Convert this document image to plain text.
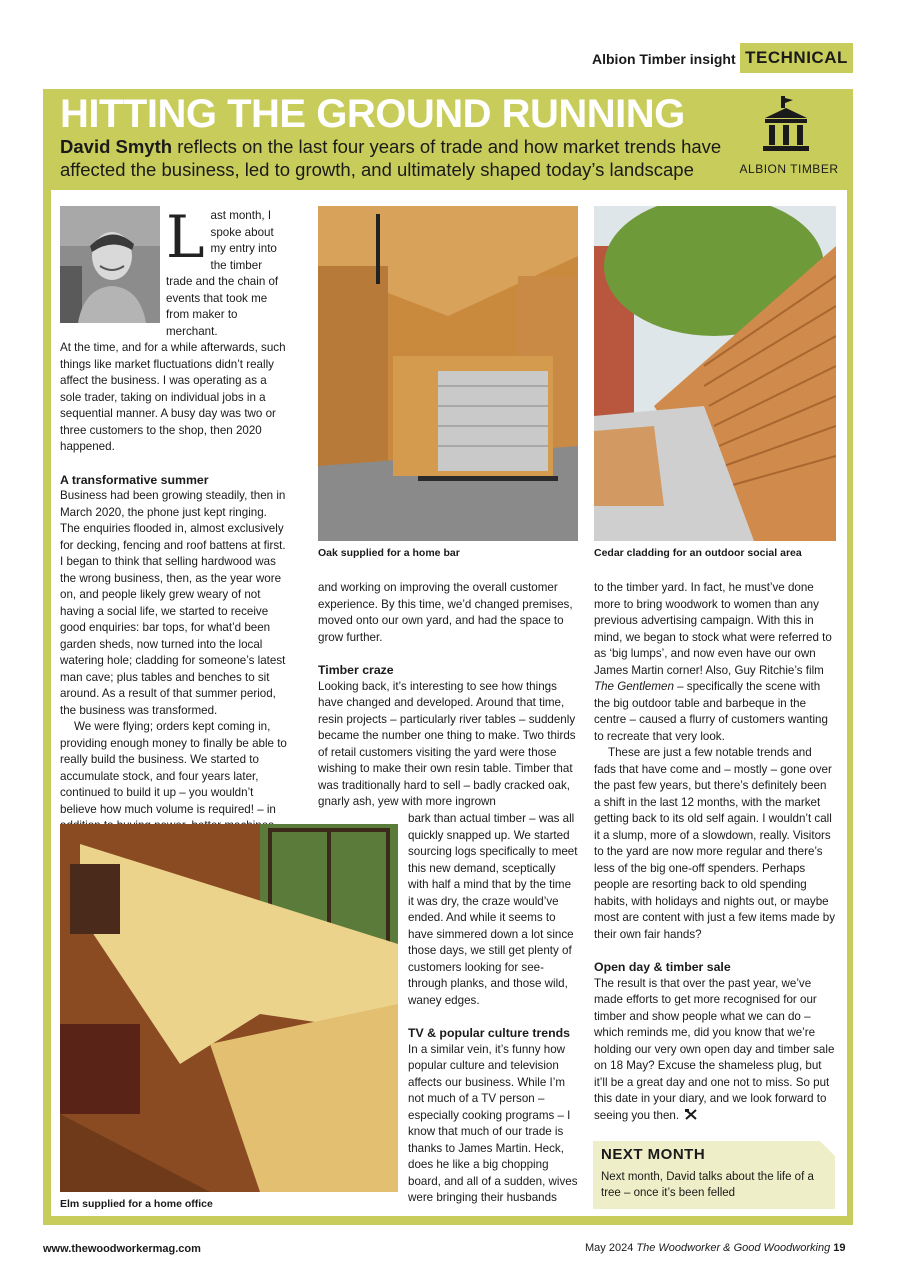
Albion Timber insight TECHNICAL
HITTING THE GROUND RUNNING
David Smyth reflects on the last four years of trade and how market trends have affected the business, led to growth, and ultimately shaped today’s landscape	ALBION TIMBER

Last month, I spoke about my entry into the timber trade and the chain of events that took me from maker to merchant.

At the time, and for a while afterwards, such things like market fluctuations didn’t really affect the business. I was operating as a sole trader, taking on individual jobs in a sequential manner. A busy day was two or three customers to the shop, then 2020 happened.

A transformative summer

Business had been growing steadily, then in March 2020, the phone just kept ringing. The enquiries flooded in, almost exclusively for decking, fencing and roof battens at first. I began to think that selling hardwood was the wrong business, then, as the year wore on, and people likely grew weary of not having a social life, we started to receive good enquiries: bar tops, for what’d been garden sheds, now turned into the local watering hole; cladding for someone’s latest man cave; plus tables and benches to sit around. As a result of that summer period, the business was transformed.

We were flying; orders kept coming in, providing enough money to finally be able to really build the business. We started to accumulate stock, and four years later, continued to build it up – you wouldn’t believe how much volume is required! – in

Oak supplied for a home bar	Cedar cladding for an outdoor social area
Elm supplied for a home office

and working on improving the overall customer experience. By this time, we’d changed premises, moved onto our own yard, and had the space to grow further.

Timber craze

Looking back, it’s interesting to see how things have changed and developed. Around that time, resin projects – particularly river tables – suddenly became the number one thing to make. Two thirds of retail customers visiting the yard were those wishing to make their own resin table. Timber that was traditionally hard to sell – badly cracked oak, gnarly ash, yew with more ingrown

bark than actual timber – was all quickly snapped up. We started sourcing logs specifically to meet this new demand, sceptically with half a mind that by the time it was dry, the craze would’ve ended. And while it seems to have simmered down a lot since those days, we still get plenty of customers looking for see-through planks, and those wild, waney edges.

TV & popular culture trends

In a similar vein, it’s funny how popular culture and television affects our business. While I’m not much of a TV person – especially cooking programs – I know that much of our trade is thanks to James Martin. Heck, does he like a big chopping board, and all of a sudden, wives were bringing their husbands

to the timber yard. In fact, he must’ve done more to bring woodwork to women than any previous advertising campaign. With this in mind, we began to stock what were referred to as ‘big lumps’, and now even have our own James Martin corner! Also, Guy Ritchie’s film The Gentlemen – specifically the scene with the big outdoor table and barbeque in the centre – caused a flurry of customers wanting to recreate that very look.

These are just a few notable trends and fads that have come and – mostly – gone over the past few years, but there’s definitely been a shift in the last 12 months, with the market getting back to its old self again. I wouldn’t call it a slump, more of a slowdown, really. Visitors to the yard are now more regular and there’s less of the big one-off spenders. Perhaps people are resorting back to old spending habits, with holidays and nights out, or maybe most are content with just a few items made by their own fair hands?

Open day & timber sale

The result is that over the past year, we’ve made efforts to get more recognised for our timber and show people what we can do – which reminds me, did you know that we’re holding our very own open day and timber sale on 18 May? Excuse the shameless plug, but it’ll be a great day and one not to miss. So put this date in your diary, and we look forward to seeing you then.

NEXT MONTH
Next month, David talks about the life of a tree – once it’s been felled
www.thewoodworkermag.com	May 2024 The Woodworker & Good Woodworking 19
